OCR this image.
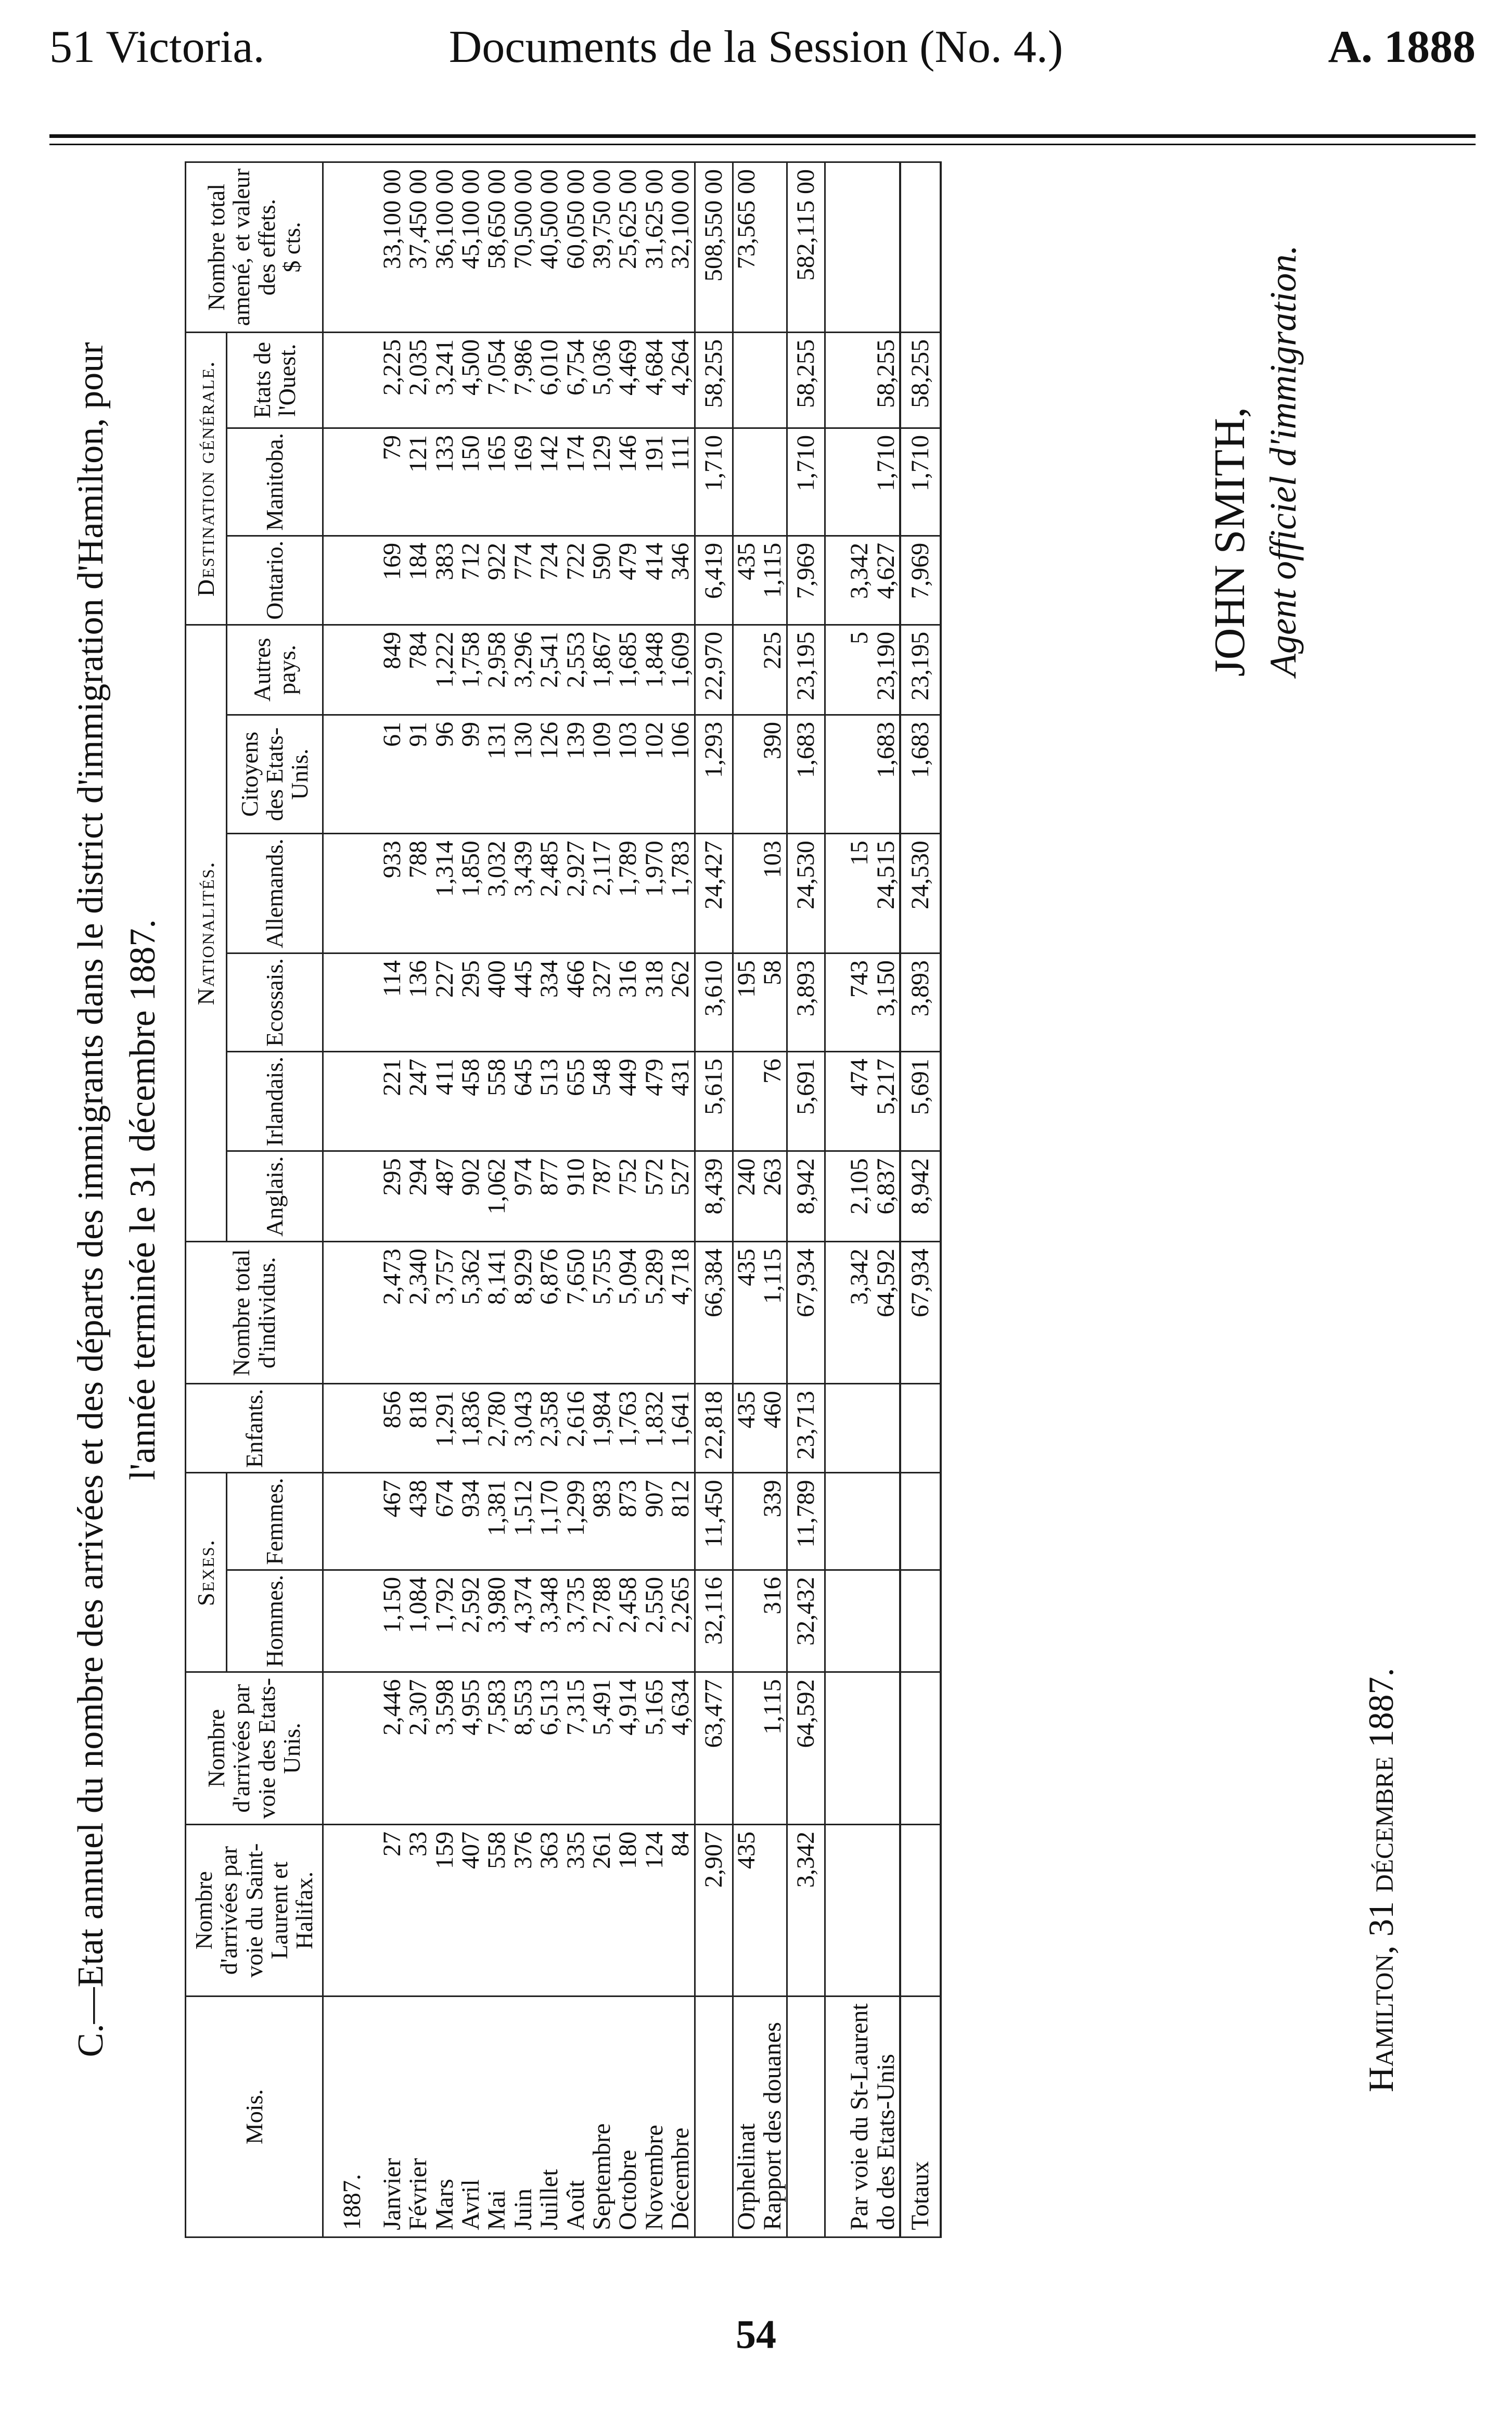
51 Victoria.	Documents de la Session (No. 4.)	A. 1888
C.—Etat annuel du nombre des arrivées et des départs des immigrants dans le district d'immigration d'Hamilton, pour l'année terminée le 31 décembre 1887.
Mois.	Nombre d'arrivées par voie du Saint-Laurent et Halifax.	Nombre d'arrivées par voie des Etats-Unis.	Sexes.		Enfants.	Nombre total d'individus.	Nationalités.						Destination générale.			Nombre total amené, et valeur des effets.
$ cts.

			Hommes.	Femmes.			Anglais.	Irlandais.	Ecossais.	Allemands.	Citoyens des Etats-Unis.	Autres pays.	Ontario.	Manitoba.	Etats de l'Ouest.	
1887.																
Janvier	27	2,446	1,150	467	856	2,473	295	221	114	933	61	849	169	79	2,225	33,100 00
Février	33	2,307	1,084	438	818	2,340	294	247	136	788	91	784	184	121	2,035	37,450 00
Mars	159	3,598	1,792	674	1,291	3,757	487	411	227	1,314	96	1,222	383	133	3,241	36,100 00
Avril	407	4,955	2,592	934	1,836	5,362	902	458	295	1,850	99	1,758	712	150	4,500	45,100 00
Mai	558	7,583	3,980	1,381	2,780	8,141	1,062	558	400	3,032	131	2,958	922	165	7,054	58,650 00
Juin	376	8,553	4,374	1,512	3,043	8,929	974	645	445	3,439	130	3,296	774	169	7,986	70,500 00
Juillet	363	6,513	3,348	1,170	2,358	6,876	877	513	334	2,485	126	2,541	724	142	6,010	40,500 00
Août	335	7,315	3,735	1,299	2,616	7,650	910	655	466	2,927	139	2,553	722	174	6,754	60,050 00
Septembre	261	5,491	2,788	983	1,984	5,755	787	548	327	2,117	109	1,867	590	129	5,036	39,750 00
Octobre	180	4,914	2,458	873	1,763	5,094	752	449	316	1,789	103	1,685	479	146	4,469	25,625 00
Novembre	124	5,165	2,550	907	1,832	5,289	572	479	318	1,970	102	1,848	414	191	4,684	31,625 00
Décembre	84	4,634	2,265	812	1,641	4,718	527	431	262	1,783	106	1,609	346	111	4,264	32,100 00
	2,907	63,477	32,116	11,450	22,818	66,384	8,439	5,615	3,610	24,427	1,293	22,970	6,419	1,710	58,255	508,550 00
Orphelinat	435				435	435	240		195				435			73,565 00
Rapport des douanes		1,115	316	339	460	1,115	263	76	58	103	390	225	1,115			
	3,342	64,592	32,432	11,789	23,713	67,934	8,942	5,691	3,893	24,530	1,683	23,195	7,969	1,710	58,255	582,115 00

Par voie du St-Laurent						3,342	2,105	474	743	15		5	3,342			
do des Etats-Unis						64,592	6,837	5,217	3,150	24,515	1,683	23,190	4,627	1,710	58,255	
Totaux						67,934	8,942	5,691	3,893	24,530	1,683	23,195	7,969	1,710	58,255	
JOHN SMITH, Agent officiel d'immigration.
Hamilton, 31 décembre 1887.
54
